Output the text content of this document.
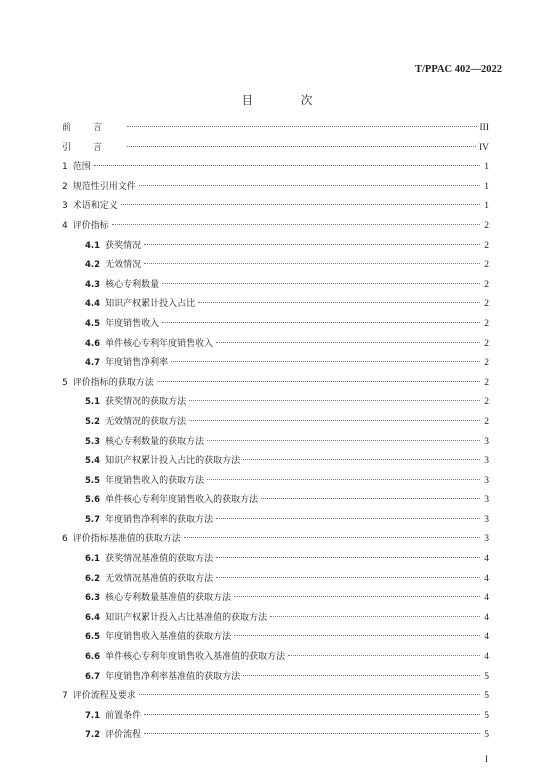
T/PPAC 402—2022
目 次
前言	III
引言	IV
1 范围	1
2 规范性引用文件	1
3 术语和定义	1
4 评价指标	2
4.1 获奖情况	2
4.2 无效情况	2
4.3 核心专利数量	2
4.4 知识产权累计投入占比	2
4.5 年度销售收入	2
4.6 单件核心专利年度销售收入	2
4.7 年度销售净利率	2
5 评价指标的获取方法	2
5.1 获奖情况的获取方法	2
5.2 无效情况的获取方法	2
5.3 核心专利数量的获取方法	3
5.4 知识产权累计投入占比的获取方法	3
5.5 年度销售收入的获取方法	3
5.6 单件核心专利年度销售收入的获取方法	3
5.7 年度销售净利率的获取方法	3
6 评价指标基准值的获取方法	3
6.1 获奖情况基准值的获取方法	4
6.2 无效情况基准值的获取方法	4
6.3 核心专利数量基准值的获取方法	4
6.4 知识产权累计投入占比基准值的获取方法	4
6.5 年度销售收入基准值的获取方法	4
6.6 单件核心专利年度销售收入基准值的获取方法	4
6.7 年度销售净利率基准值的获取方法	5
7 评价流程及要求	5
7.1 前置条件	5
7.2 评价流程	5
I
